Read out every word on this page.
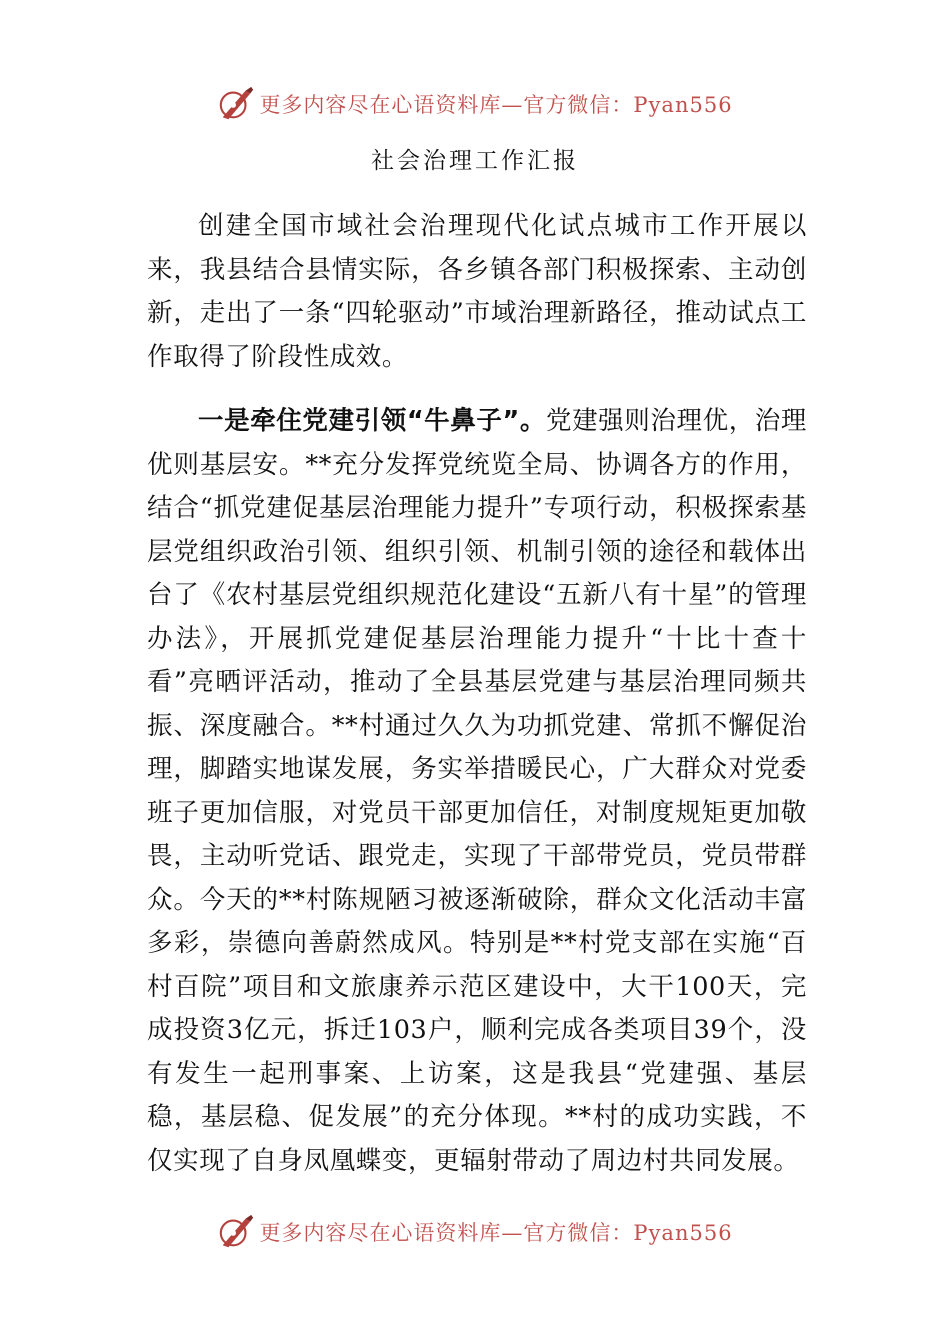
更多内容尽在心语资料库—官方微信：Pyan556
社会治理工作汇报

创建全国市域社会治理现代化试点城市工作开展以来，我县结合县情实际，各乡镇各部门积极探索、主动创新，走出了一条“四轮驱动”市域治理新路径，推动试点工作取得了阶段性成效。

一是牵住党建引领“牛鼻子”。党建强则治理优，治理优则基层安。**充分发挥党统览全局、协调各方的作用，结合“抓党建促基层治理能力提升”专项行动，积极探索基层党组织政治引领、组织引领、机制引领的途径和载体出台了《农村基层党组织规范化建设“五新八有十星”的管理办法》，开展抓党建促基层治理能力提升“十比十查十看”亮晒评活动，推动了全县基层党建与基层治理同频共振、深度融合。**村通过久久为功抓党建、常抓不懈促治理，脚踏实地谋发展，务实举措暖民心，广大群众对党委班子更加信服，对党员干部更加信任，对制度规矩更加敬畏，主动听党话、跟党走，实现了干部带党员，党员带群众。今天的**村陈规陋习被逐渐破除，群众文化活动丰富多彩，崇德向善蔚然成风。特别是**村党支部在实施“百村百院”项目和文旅康养示范区建设中，大干100天，完成投资3亿元，拆迁103户，顺利完成各类项目39个，没有发生一起刑事案、上访案，这是我县“党建强、基层稳，基层稳、促发展”的充分体现。**村的成功实践，不仅实现了自身凤凰蝶变，更辐射带动了周边村共同发展。

更多内容尽在心语资料库—官方微信：Pyan556
